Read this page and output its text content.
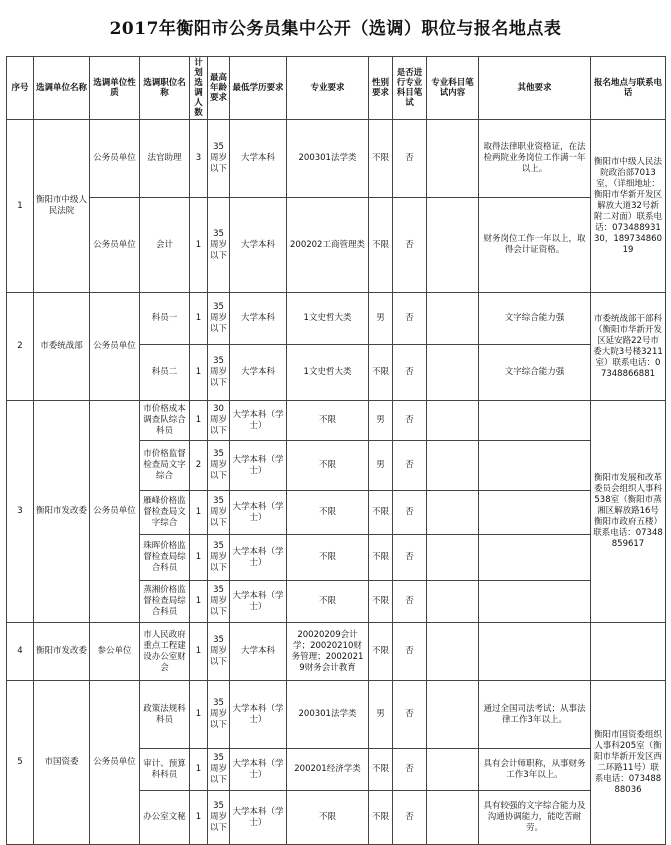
2017年衡阳市公务员集中公开（选调）职位与报名地点表
序号	选调单位名称	选调单位性质	选调职位名称	计划选调人数	最高年龄要求	最低学历要求	专业要求	性别要求	是否进行专业科目笔试	专业科目笔试内容	其他要求	报名地点与联系电话
1	衡阳市中级人民法院	公务员单位	法官助理	3	35周岁以下	大学本科	200301法学类	不限	否		取得法律职业资格证，在法检两院业务岗位工作满一年以上。	衡阳市中级人民法院政治部7013室，（详细地址：衡阳市华新开发区解放大道32号新附二对面）联系电话：07348893130，18973486019
		公务员单位	会计	1	35周岁以下	大学本科	200202工商管理类	不限	否		财务岗位工作一年以上，取得会计证资格。	
2	市委统战部	公务员单位	科员一	1	35周岁以下	大学本科	1文史哲大类	男	否		文字综合能力强	市委统战部干部科（衡阳市华新开发区延安路22号市委大院3号楼3211室）联系电话：07348866881
			科员二	1	35周岁以下	大学本科	1文史哲大类	不限	否		文字综合能力强	
3	衡阳市发改委	公务员单位	市价格成本调查队综合科员	1	30周岁以下	大学本科（学士）	不限	男	否			衡阳市发展和改革委员会组织人事科538室（衡阳市蒸湘区解放路16号衡阳市政府五楼）联系电话：07348859617
			市价格监督检查局文字综合	2	35周岁以下	大学本科（学士）	不限	男	否			
			雁峰价格监督检查局文字综合	1	35周岁以下	大学本科（学士）	不限	不限	否			
			珠晖价格监督检查局综合科员	1	35周岁以下	大学本科（学士）	不限	不限	否			
			蒸湘价格监督检查局综合科员	1	35周岁以下	大学本科（学士）	不限	不限	否			
4	衡阳市发改委	参公单位	市人民政府重点工程建设办公室财会	1	35周岁以下	大学本科	20020209会计学；20020210财务管理；20020219财务会计教育	不限	否			
5	市国资委	公务员单位	政策法规科科员	1	35周岁以下	大学本科（学士）	200301法学类	男	否		通过全国司法考试；从事法律工作3年以上。	衡阳市国资委组织人事科205室（衡阳市华新开发区西二环路11号）联系电话：07348888036
			审计、预算科科员	1	35周岁以下	大学本科（学士）	200201经济学类	不限	否		具有会计师职称，从事财务工作3年以上。	
			办公室文秘	1	35周岁以下	大学本科（学士）	不限	不限	否		具有较强的文字综合能力及沟通协调能力，能吃苦耐劳。	
